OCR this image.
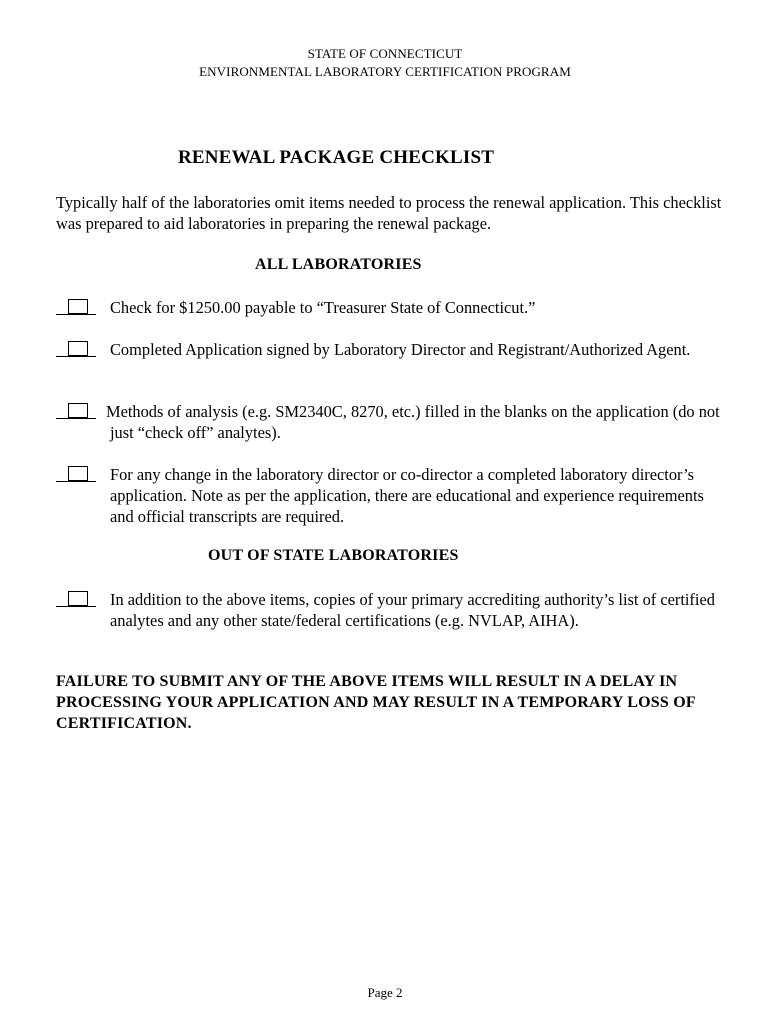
STATE OF CONNECTICUT
ENVIRONMENTAL LABORATORY CERTIFICATION PROGRAM
RENEWAL PACKAGE CHECKLIST
Typically half of the laboratories omit items needed to process the renewal application. This checklist was prepared to aid laboratories in preparing the renewal package.
ALL LABORATORIES
Check for $1250.00 payable to “Treasurer State of Connecticut.”
Completed Application signed by Laboratory Director and Registrant/Authorized Agent.
Methods of analysis (e.g. SM2340C, 8270, etc.) filled in the blanks on the application (do not just “check off” analytes).
For any change in the laboratory director or co-director a completed laboratory director’s application. Note as per the application, there are educational and experience requirements and official transcripts are required.
OUT OF STATE LABORATORIES
In addition to the above items, copies of your primary accrediting authority’s list of certified analytes and any other state/federal certifications (e.g. NVLAP, AIHA).
FAILURE TO SUBMIT ANY OF THE ABOVE ITEMS WILL RESULT IN A DELAY IN PROCESSING YOUR APPLICATION AND MAY RESULT IN A TEMPORARY LOSS OF CERTIFICATION.
Page 2
